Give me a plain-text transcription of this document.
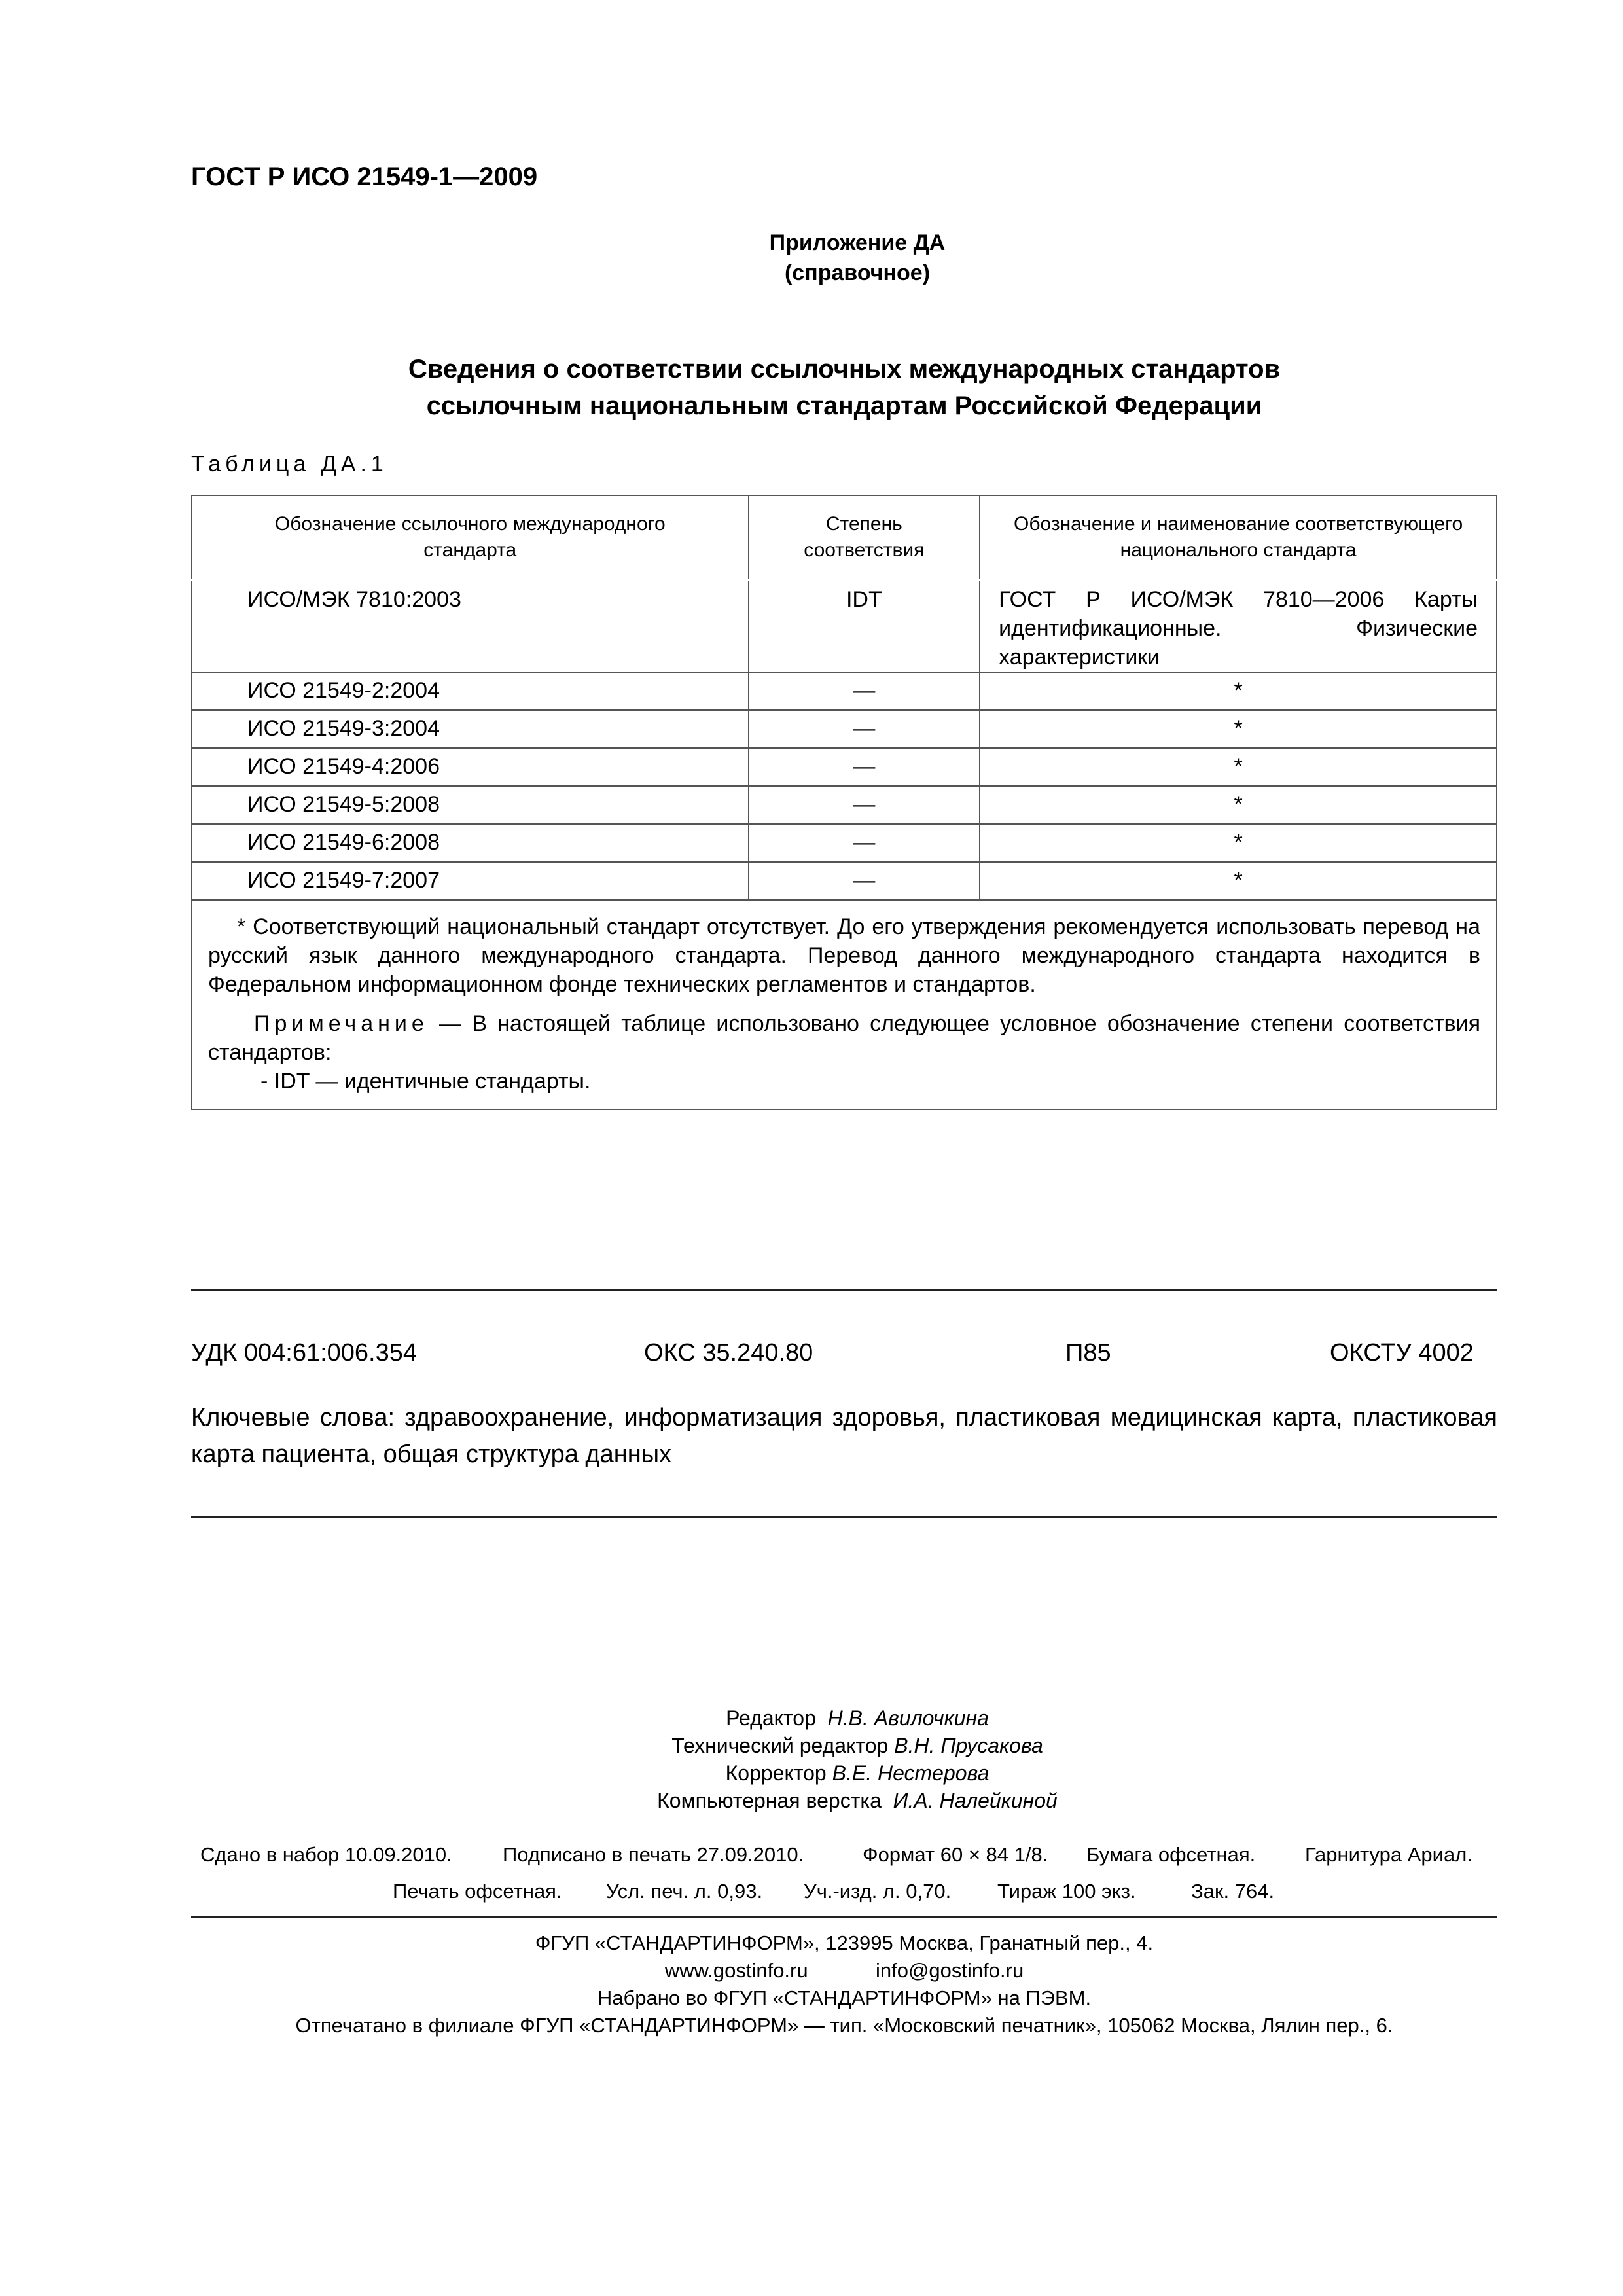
ГОСТ Р ИСО 21549-1—2009
Приложение ДА
(справочное)
Сведения о соответствии ссылочных международных стандартов
ссылочным национальным стандартам Российской Федерации
Таблица ДА.1
Обозначение ссылочного международного стандарта	Степень соответствия	Обозначение и наименование соответствующего национального стандарта
ИСО/МЭК 7810:2003	IDT	ГОСТ Р ИСО/МЭК 7810—2006 Карты идентификационные. Физические характеристики
ИСО 21549-2:2004	—	*
ИСО 21549-3:2004	—	*
ИСО 21549-4:2006	—	*
ИСО 21549-5:2008	—	*
ИСО 21549-6:2008	—	*
ИСО 21549-7:2007	—	*

* Соответствующий национальный стандарт отсутствует. До его утверждения рекомендуется использовать перевод на русский язык данного международного стандарта. Перевод данного международного стандарта находится в Федеральном информационном фонде технических регламентов и стандартов.
Примечание — В настоящей таблице использовано следующее условное обозначение степени соответствия стандартов:
- IDT — идентичные стандарты.		
УДК 004:61:006.354	ОКС 35.240.80	П85	ОКСТУ 4002
Ключевые слова: здравоохранение, информатизация здоровья, пластиковая медицинская карта, пластиковая карта пациента, общая структура данных
Редактор Н.В. Авилочкина
Технический редактор В.Н. Прусакова
Корректор В.Е. Нестерова
Компьютерная верстка И.А. Налейкиной
Сдано в набор 10.09.2010. Подписано в печать 27.09.2010.	Формат 60 × 84 1/8. Бумага офсетная. Гарнитура Ариал.
Печать офсетная. Усл. печ. л. 0,93. Уч.-изд. л. 0,70. Тираж 100 экз.	Зак. 764.
ФГУП «СТАНДАРТИНФОРМ», 123995 Москва, Гранатный пер., 4.
www.gostinfo.ru	info@gostinfo.ru
Набрано во ФГУП «СТАНДАРТИНФОРМ» на ПЭВМ.
Отпечатано в филиале ФГУП «СТАНДАРТИНФОРМ» — тип. «Московский печатник», 105062 Москва, Лялин пер., 6.
